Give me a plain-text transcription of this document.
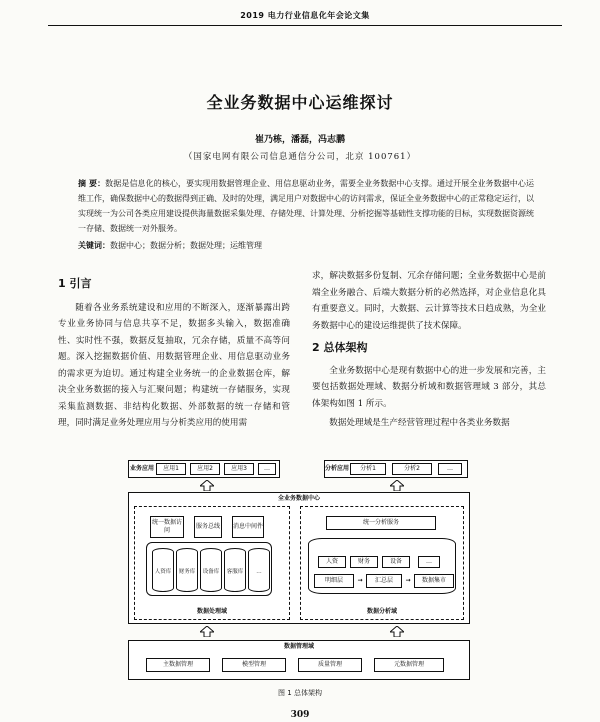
2019 电力行业信息化年会论文集
全业务数据中心运维探讨
崔乃栋，潘磊，冯志鹏
（国家电网有限公司信息通信分公司，北京 100761）
摘 要：数据是信息化的核心，要实现用数据管理企业、用信息驱动业务，需要全业务数据中心支撑。通过开展全业务数据中心运维工作，确保数据中心的数据得到正确、及时的处理，满足用户对数据中心的访问需求，保证全业务数据中心的正常稳定运行，以实现统一为公司各类应用建设提供海量数据采集处理、存储处理、计算处理、分析挖掘等基础性支撑功能的目标，实现数据资源统一存储、数据统一对外服务。
关键词：数据中心；数据分析；数据处理；运维管理
1 引言

随着各业务系统建设和应用的不断深入，逐渐暴露出跨专业业务协同与信息共享不足，数据多头输入，数据准确性、实时性不强，数据反复抽取，冗余存储，质量不高等问题。深入挖掘数据价值、用数据管理企业、用信息驱动业务的需求更为迫切。通过构建全业务统一的企业数据仓库，解决全业务数据的接入与汇聚问题；构建统一存储服务，实现采集监测数据、非结构化数据、外部数据的统一存储和管理，同时满足业务处理应用与分析类应用的使用需

求，解决数据多份复制、冗余存储问题；全业务数据中心是前端全业务融合、后端大数据分析的必然选择，对企业信息化具有重要意义。同时，大数据、云计算等技术日趋成熟，为全业务数据中心的建设运维提供了技术保障。

2 总体架构

全业务数据中心是现有数据中心的进一步发展和完善，主要包括数据处理域、数据分析域和数据管理域 3 部分，其总体架构如图 1 所示。

数据处理域是生产经营管理过程中各类业务数据

业务应用	应用1	应用2	应用3	…	分析应用	分析1	分析2	…
全业务数据中心
统一数据访问
服务总线	消息中间件
人资库	财务库	设备库	客服库	…
数据处理域
统一分析服务
人资	财务	设备	…
明细层	→	汇总层	→	数据集市
数据分析域
数据管理域
主数据管理	模型管理	质量管理	元数据管理
图 1 总体架构
309
